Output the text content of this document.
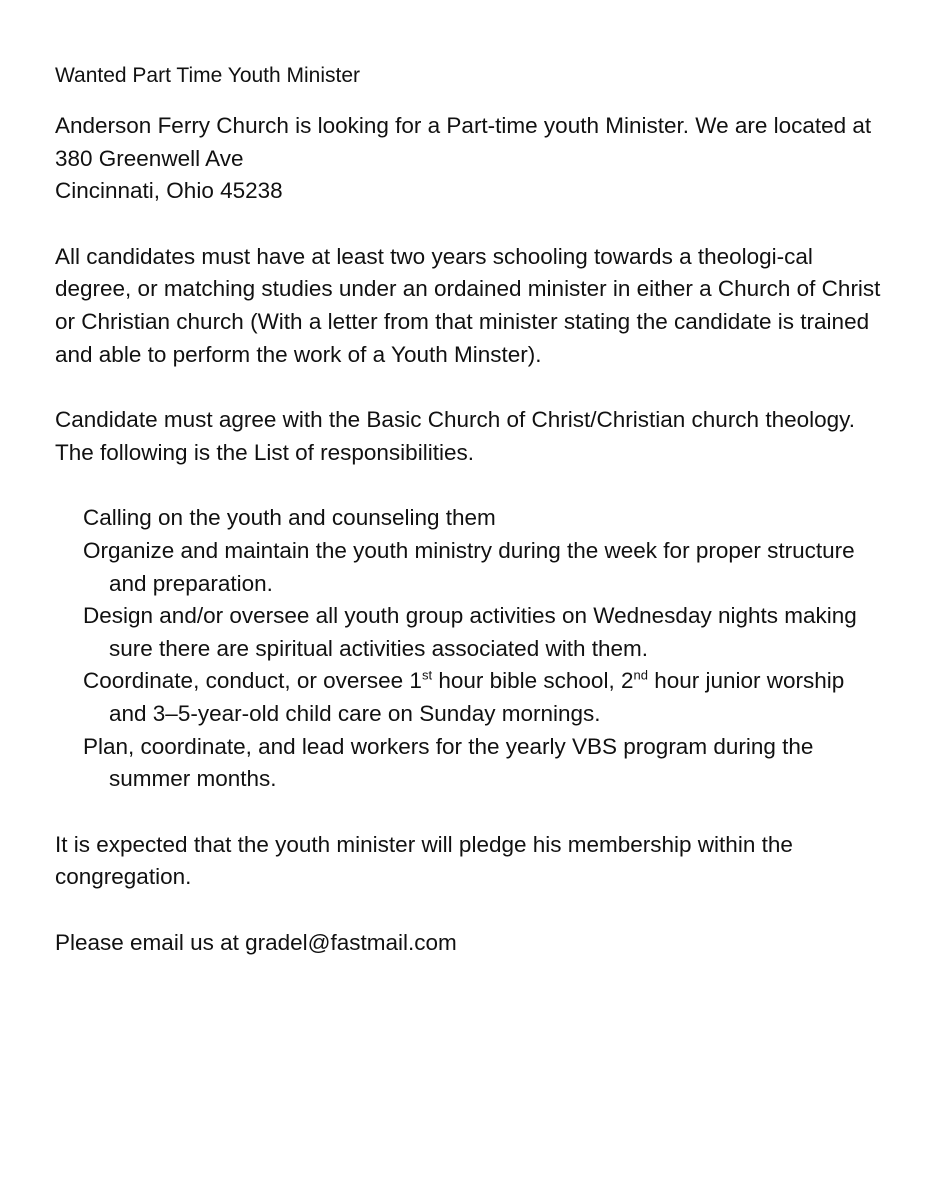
Wanted Part Time Youth Minister

Anderson Ferry Church is looking for a Part-time youth Minister. We are located at
380 Greenwell Ave
Cincinnati, Ohio 45238

All candidates must have at least two years schooling towards a theologi-cal degree, or matching studies under an ordained minister in either a Church of Christ or Christian church (With a letter from that minister stating the candidate is trained and able to perform the work of a Youth Minster).

Candidate must agree with the Basic Church of Christ/Christian church theology. The following is the List of responsibilities.

Calling on the youth and counseling them
Organize and maintain the youth ministry during the week for proper structure and preparation.
Design and/or oversee all youth group activities on Wednesday nights making sure there are spiritual activities associated with them.
Coordinate, conduct, or oversee 1st hour bible school, 2nd hour junior worship and 3–5-year-old child care on Sunday mornings.
Plan, coordinate, and lead workers for the yearly VBS program during the summer months.

It is expected that the youth minister will pledge his membership within the congregation.

Please email us at gradel@fastmail.com
